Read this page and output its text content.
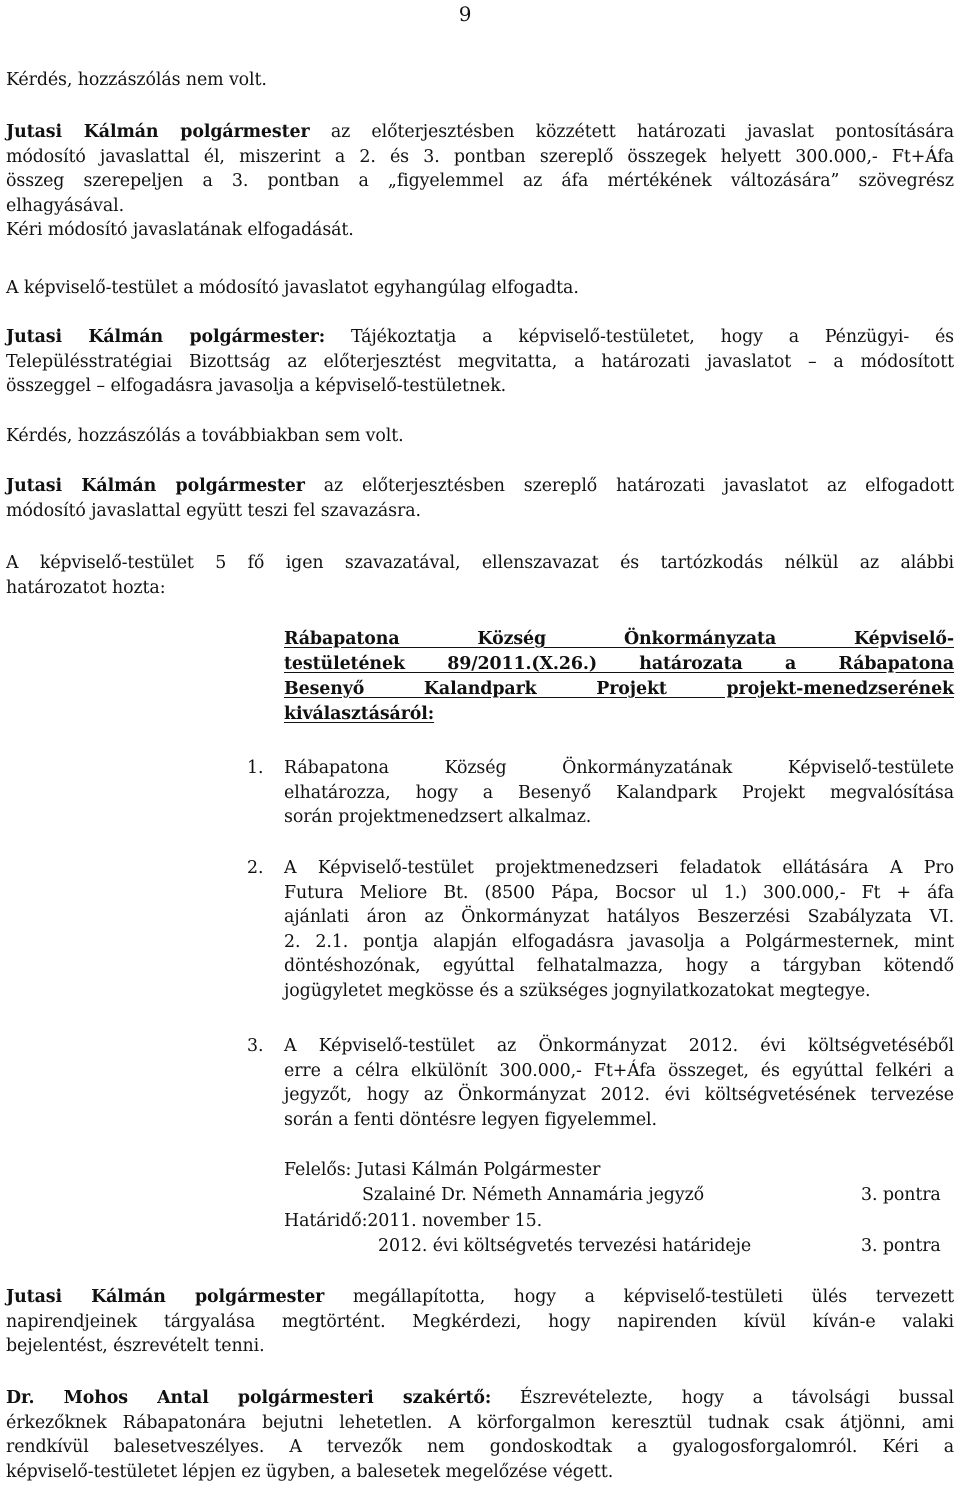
9

Kérdés, hozzászólás nem volt.

Jutasi Kálmán polgármester az előterjesztésben közzétett határozati javaslat pontosítására
módosító javaslattal él, miszerint a 2. és 3. pontban szereplő összegek helyett 300.000,- Ft+Áfa
összeg szerepeljen a 3. pontban a „figyelemmel az áfa mértékének változására” szövegrész
elhagyásával.
Kéri módosító javaslatának elfogadását.

A képviselő-testület a módosító javaslatot egyhangúlag elfogadta.

Jutasi Kálmán polgármester: Tájékoztatja a képviselő-testületet, hogy a Pénzügyi- és
Településstratégiai Bizottság az előterjesztést megvitatta, a határozati javaslatot – a módosított
összeggel – elfogadásra javasolja a képviselő-testületnek.

Kérdés, hozzászólás a továbbiakban sem volt.

Jutasi Kálmán polgármester az előterjesztésben szereplő határozati javaslatot az elfogadott
módosító javaslattal együtt teszi fel szavazásra.

A képviselő-testület 5 fő igen szavazatával, ellenszavazat és tartózkodás nélkül az alábbi
határozatot hozta:

Rábapatona Község Önkormányzata Képviselő-
testületének 89/2011.(X.26.) határozata a Rábapatona
Besenyő Kalandpark Projekt projekt-menedzserének
kiválasztásáról:
1.	Rábapatona Község Önkormányzatának Képviselő-testülete
elhatározza, hogy a Besenyő Kalandpark Projekt megvalósítása
során projektmenedzsert alkalmaz.
2.	A Képviselő-testület projektmenedzseri feladatok ellátására A Pro
Futura Meliore Bt. (8500 Pápa, Bocsor ul 1.) 300.000,- Ft + áfa
ajánlati áron az Önkormányzat hatályos Beszerzési Szabályzata VI.
2. 2.1. pontja alapján elfogadásra javasolja a Polgármesternek, mint
döntéshozónak, egyúttal felhatalmazza, hogy a tárgyban kötendő
jogügyletet megkösse és a szükséges jognyilatkozatokat megtegye.
3.	A Képviselő-testület az Önkormányzat 2012. évi költségvetéséből
erre a célra elkülönít 300.000,- Ft+Áfa összeget, és egyúttal felkéri a
jegyzőt, hogy az Önkormányzat 2012. évi költségvetésének tervezése
során a fenti döntésre legyen figyelemmel.
Felelős: Jutasi Kálmán Polgármester
Szalainé Dr. Németh Annamária jegyző	3. pontra
Határidő:2011. november 15.
2012. évi költségvetés tervezési határideje	3. pontra

Jutasi Kálmán polgármester megállapította, hogy a képviselő-testületi ülés tervezett
napirendjeinek tárgyalása megtörtént. Megkérdezi, hogy napirenden kívül kíván-e valaki
bejelentést, észrevételt tenni.

Dr. Mohos Antal polgármesteri szakértő: Észrevételezte, hogy a távolsági bussal
érkezőknek Rábapatonára bejutni lehetetlen. A körforgalmon keresztül tudnak csak átjönni, ami
rendkívül balesetveszélyes. A tervezők nem gondoskodtak a gyalogosforgalomról. Kéri a
képviselő-testületet lépjen ez ügyben, a balesetek megelőzése végett.
